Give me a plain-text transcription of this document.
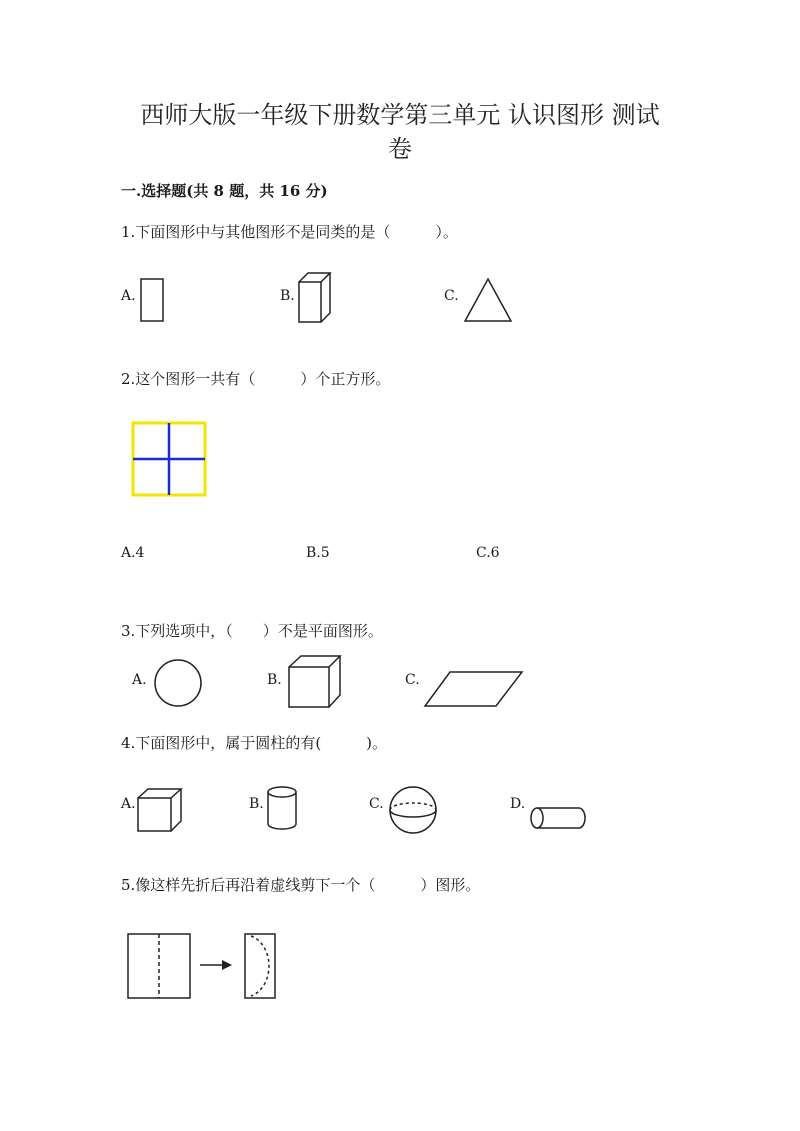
西师大版一年级下册数学第三单元 认识图形 测试
卷
一.选择题(共 8 题，共 16 分)
1.下面图形中与其他图形不是同类的是（　　　）。
A.	B.	C.
2.这个图形一共有（　　　）个正方形。
A.4	B.5	C.6
3.下列选项中，（　　）不是平面图形。
A.	B.	C.
4.下面图形中，属于圆柱的有(　　　)。
A.	B.	C.	D.
5.像这样先折后再沿着虚线剪下一个（　　　）图形。
